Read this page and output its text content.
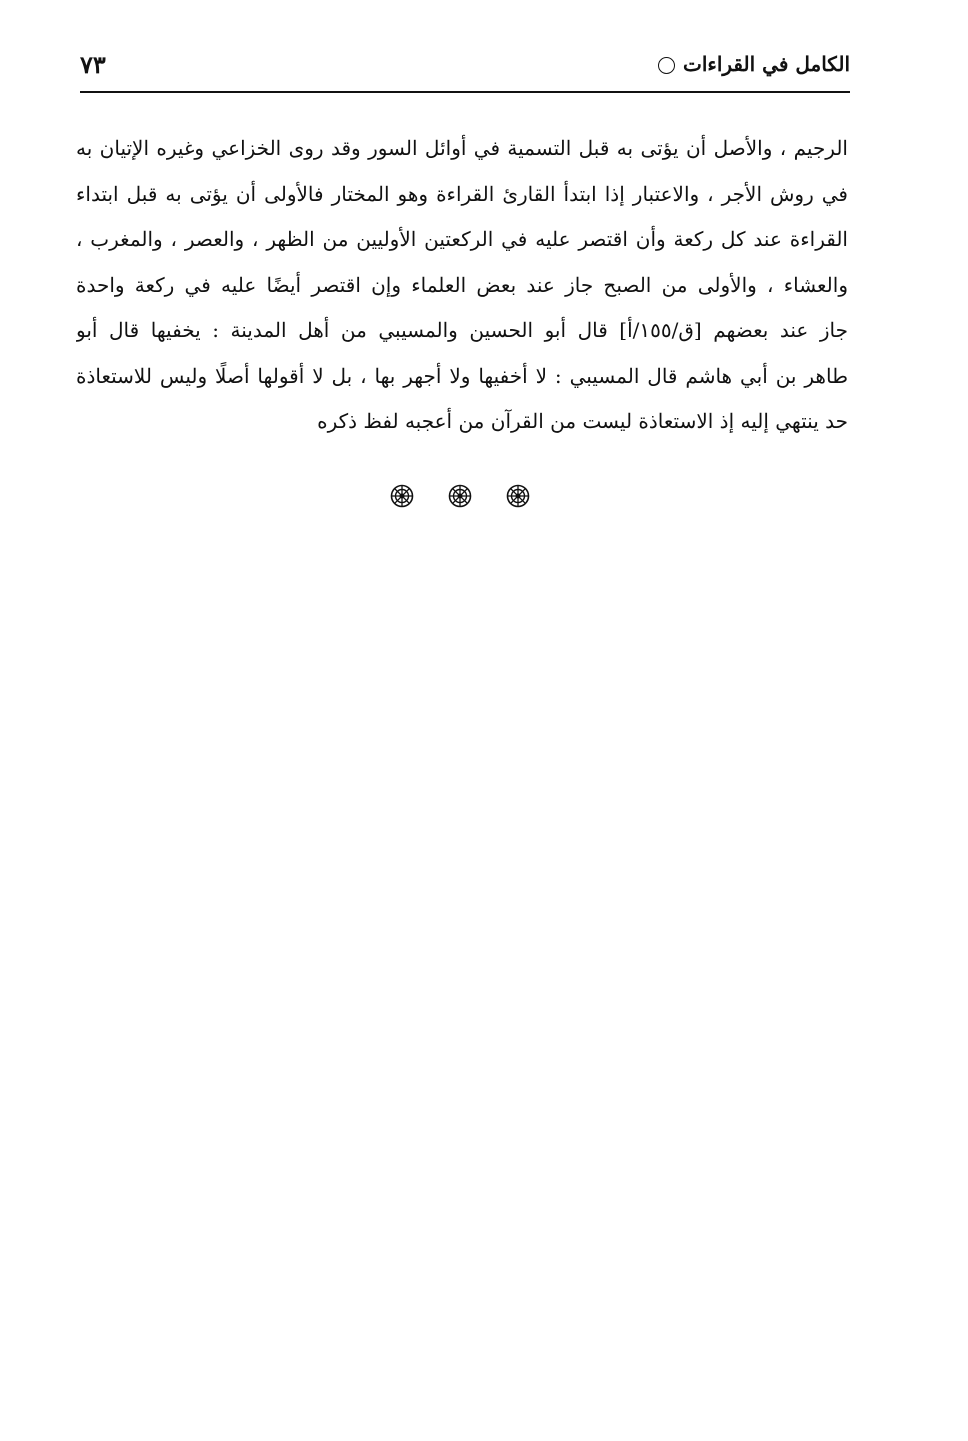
الكامل في القراءات
٧٣
الرجيم ، والأصل أن يؤتى به قبل التسمية في أوائل السور وقد روى الخزاعي وغيره الإتيان به
في روش الأجر ، والاعتبار إذا ابتدأ القارئ القراءة وهو المختار فالأولى أن يؤتى به قبل ابتداء
القراءة عند كل ركعة وأن اقتصر عليه في الركعتين الأوليين من الظهر ، والعصر ، والمغرب ،
والعشاء ، والأولى من الصبح جاز عند بعض العلماء وإن اقتصر أيضًا عليه في ركعة واحدة
جاز عند بعضهم [ق/١٥٥/أ] قال أبو الحسين والمسيبي من أهل المدينة : يخفيها قال أبو
طاهر بن أبي هاشم قال المسيبي : لا أخفيها ولا أجهر بها ، بل لا أقولها أصلًا وليس للاستعاذة
حد ينتهي إليه إذ الاستعاذة ليست من القرآن من أعجبه لفظ ذكره
